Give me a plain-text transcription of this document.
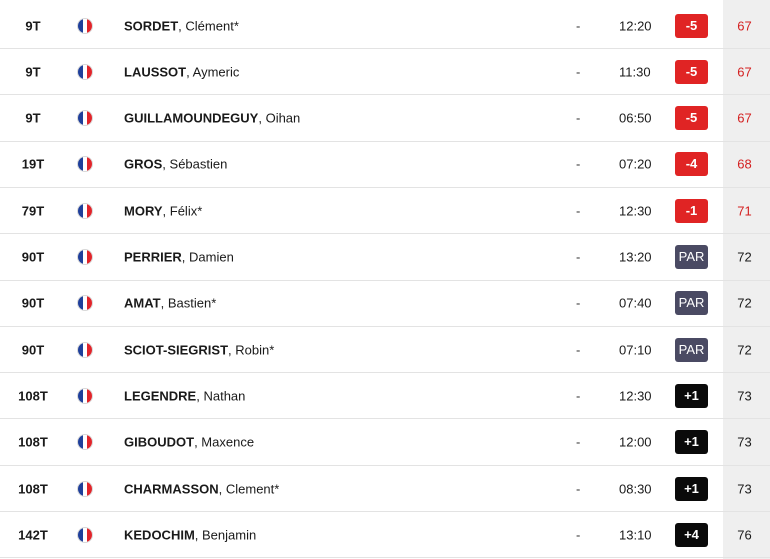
9T	SORDET, Clément*	-	12:20	-5	67
9T	LAUSSOT, Aymeric	-	11:30	-5	67
9T	GUILLAMOUNDEGUY, Oihan	-	06:50	-5	67
19T	GROS, Sébastien	-	07:20	-4	68
79T	MORY, Félix*	-	12:30	-1	71
90T	PERRIER, Damien	-	13:20 PAR	72
90T	AMAT, Bastien*	-	07:40 PAR	72
90T	SCIOT-SIEGRIST, Robin*	-	07:10 PAR	72
108T	LEGENDRE, Nathan	-	12:30	+1	73
108T	GIBOUDOT, Maxence	-	12:00	+1	73
108T	CHARMASSON, Clement*	-	08:30	+1	73
142T	KEDOCHIM, Benjamin	-	13:10	+4	76
